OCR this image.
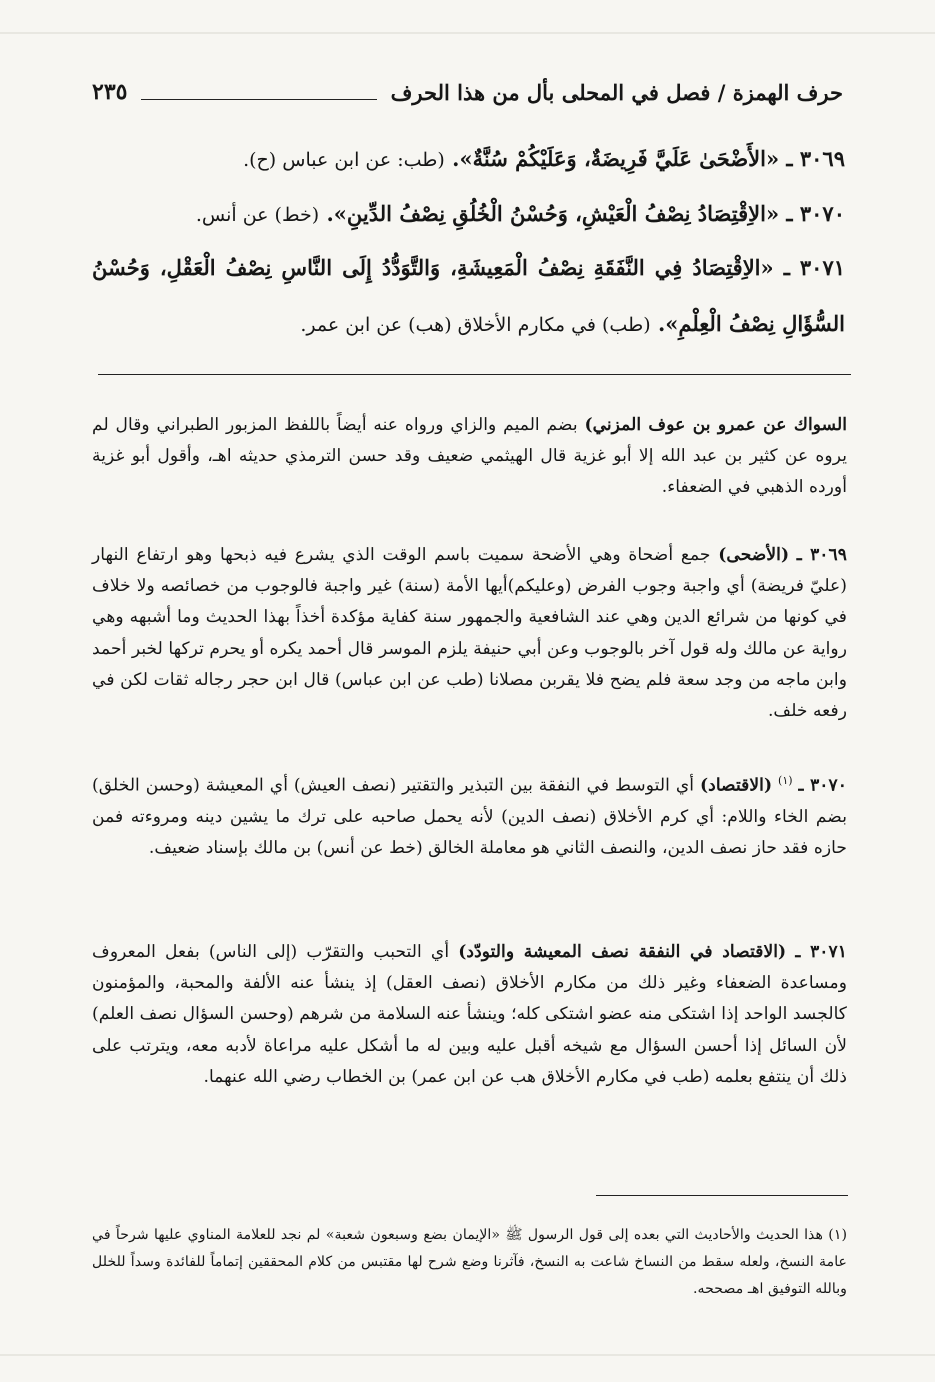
حرف الهمزة / فصل في المحلى بأل من هذا الحرف
٢٣٥
٣٠٦٩ ـ «الأَضْحَىٰ عَلَيَّ فَرِيضَةٌ، وَعَلَيْكُمْ سُنَّةٌ». (طب: عن ابن عباس (ح).
٣٠٧٠ ـ «الاِقْتِصَادُ نِصْفُ الْعَيْشِ، وَحُسْنُ الْخُلُقِ نِصْفُ الدِّينِ». (خط) عن أنس.
٣٠٧١ ـ «الاِقْتِصَادُ فِي النَّفَقَةِ نِصْفُ الْمَعِيشَةِ، وَالتَّوَدُّدُ إِلَى النَّاسِ نِصْفُ الْعَقْلِ، وَحُسْنُ السُّؤَالِ نِصْفُ الْعِلْمِ». (طب) في مكارم الأخلاق (هب) عن ابن عمر.
السواك عن عمرو بن عوف المزني) بضم الميم والزاي ورواه عنه أيضاً باللفظ المزبور الطبراني وقال لم يروه عن كثير بن عبد الله إلا أبو غزية قال الهيثمي ضعيف وقد حسن الترمذي حديثه اهـ، وأقول أبو غزية أورده الذهبي في الضعفاء.
٣٠٦٩ ـ (الأضحى) جمع أضحاة وهي الأضحة سميت باسم الوقت الذي يشرع فيه ذبحها وهو ارتفاع النهار (عليّ فريضة) أي واجبة وجوب الفرض (وعليكم)أيها الأمة (سنة) غير واجبة فالوجوب من خصائصه ولا خلاف في كونها من شرائع الدين وهي عند الشافعية والجمهور سنة كفاية مؤكدة أخذاً بهذا الحديث وما أشبهه وهي رواية عن مالك وله قول آخر بالوجوب وعن أبي حنيفة يلزم الموسر قال أحمد يكره أو يحرم تركها لخبر أحمد وابن ماجه من وجد سعة فلم يضح فلا يقربن مصلانا (طب عن ابن عباس) قال ابن حجر رجاله ثقات لكن في رفعه خلف.
٣٠٧٠ ـ $^{(١)}$ (الاقتصاد) أي التوسط في النفقة بين التبذير والتقتير (نصف العيش) أي المعيشة (وحسن الخلق) بضم الخاء واللام: أي كرم الأخلاق (نصف الدين) لأنه يحمل صاحبه على ترك ما يشين دينه ومروءته فمن حازه فقد حاز نصف الدين، والنصف الثاني هو معاملة الخالق (خط عن أنس) بن مالك بإسناد ضعيف.
٣٠٧١ ـ (الاقتصاد في النفقة نصف المعيشة والتودّد) أي التحبب والتقرّب (إلى الناس) بفعل المعروف ومساعدة الضعفاء وغير ذلك من مكارم الأخلاق (نصف العقل) إذ ينشأ عنه الألفة والمحبة، والمؤمنون كالجسد الواحد إذا اشتكى منه عضو اشتكى كله؛ وينشأ عنه السلامة من شرهم (وحسن السؤال نصف العلم) لأن السائل إذا أحسن السؤال مع شيخه أقبل عليه وبين له ما أشكل عليه مراعاة لأدبه معه، ويترتب على ذلك أن ينتفع بعلمه (طب في مكارم الأخلاق هب عن ابن عمر) بن الخطاب رضي الله عنهما.
(١) هذا الحديث والأحاديث التي بعده إلى قول الرسول ﷺ «الإيمان بضع وسبعون شعبة» لم نجد للعلامة المناوي عليها شرحاً في عامة النسخ، ولعله سقط من النساخ شاعت به النسخ، فآثرنا وضع شرح لها مقتبس من كلام المحققين إتماماً للفائدة وسداً للخلل وبالله التوفيق اهـ مصححه.
